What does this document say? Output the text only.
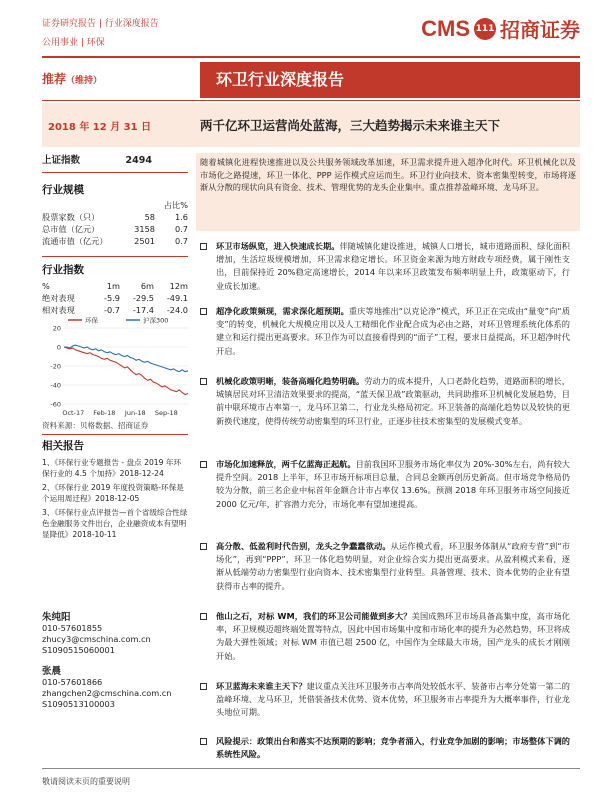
证券研究报告 | 行业深度报告
公用事业 | 环保
CMS 111 招商证券
推荐（维持）	环卫行业深度报告
2018 年 12 月 31 日	两千亿环卫运营尚处蓝海，三大趋势揭示未来谁主天下
上证指数	2494
行业规模
占比%
股票家数（只）	58	1.6
总市值（亿元）	3158	0.7
流通市值（亿元）	2501	0.7
行业指数
%	1m	6m	12m
绝对表现	-5.9	-29.5	-49.1
相对表现	-0.7	-17.4	-24.0
20
0
-20
-40
-60
Oct-17 Feb-18 Jun-18 Sep-18
环保	沪深300
资料来源：贝格数据、招商证券
相关报告
1、《环保行业专题报告 - 盘点 2019 年环保行业的 4.5 个加持》2018-12-24
2、《环保行业 2019 年度投资策略-环保是个运用周迁程》2018-12-05
3、《环保行业点评报告—首个省级综合性绿色金融服务文件出台，企业融资成本有望明显降低》2018-10-11
朱纯阳
010-57601855
zhucy3@cmschina.com.cn
S1090515060001
张晨
010-57601866
zhangchen2@cmschina.com.cn
S1090513100003
随着城镇化进程快速推进以及公共服务领域改革加速，环卫需求提升进入超净化时代。环卫机械化以及市场化之路提速，环卫一体化、PPP 运作模式应运而生。环卫行业向技术、资本密集型转变，市场将逐渐从分散的现状向具有资金、技术、管理优势的龙头企业集中。重点推荐盈峰环境、龙马环卫。
环卫市场纵览，进入快速成长期。伴随城镇化建设推进，城镇人口增长，城市道路面积、绿化面积增加，生活垃圾规模增加，环卫需求稳定增长。环卫资金来源为地方财政专项经费，属于刚性支出，目前保持近 20%稳定高速增长，2014 年以来环卫政策发布频率明显上升，政策驱动下，行业成长加速。
超净化政策频现，需求深化超预期。重庆等地推出“以克论净”模式，环卫正在完成由“量变”向“质变”的转变，机械化大规模应用以及人工精细化作业配合成为必由之路，对环卫管理系统化体系的建立和运行提出更高要求。环卫作为可以直接看得到的“面子”工程，要求日益提高，环卫超净时代开启。
机械化政策明晰，装备高端化趋势明确。劳动力的成本提升，人口老龄化趋势，道路面积的增长，城镇居民对环卫清洁效果要求的提高，“蓝天保卫战”政策驱动，共同助推环卫机械化发展趋势，目前中联环境市占率第一，龙马环卫第二，行业龙头格局初定。环卫装备的高端化趋势以及较快的更新换代速度，使得传统劳动密集型的环卫行业，正逐步往技术密集型的发展模式变革。
市场化加速释放，两千亿蓝海正起航。目前我国环卫服务市场化率仅为 20%-30%左右，尚有较大提升空间。2018 上半年，环卫市场开标项目总量，合同总金额再创历史新高。但市场竞争格局仍较为分散，前三名企业中标首年金额合计市占率仅 13.6%。预测 2018 年环卫服务市场空间接近 2000 亿元/年，扩容潜力充分，市场化率有望加速提高。
高分散、低盈利时代告别，龙头之争蠢蠢欲动。从运作模式看，环卫服务体制从“政府专营”到“市场化”，再到“PPP”，环卫一体化趋势明显，对企业综合实力提出更高要求。从盈利模式来看，逐渐从低端劳动力密集型行业向资本、技术密集型行业转型。具备管理、技术、资本优势的企业有望获得市占率的提升。
他山之石，对标 WM，我们的环卫公司能做到多大？美国成熟环卫市场具备高集中度，高市场化率，环卫规模迈超终端处置等特点，因此中国市场集中度和市场化率的提升为必然趋势，环卫将成为最大弹性领域；对标 WM 市值已超 2500 亿，中国作为全球最大市场，国产龙头的成长才刚刚开始。
环卫蓝海未来谁主天下？建议重点关注环卫服务市占率尚处较低水平、装备市占率分处第一第二的盈峰环境、龙马环卫，凭借装备技术优势、资本优势，环卫服务市占率提升为大概率事件，行业龙头地位可期。
风险提示：政策出台和落实不达预期的影响；竞争者涌入，行业竞争加剧的影响；市场整体下调的系统性风险。
敬请阅读末页的重要说明
